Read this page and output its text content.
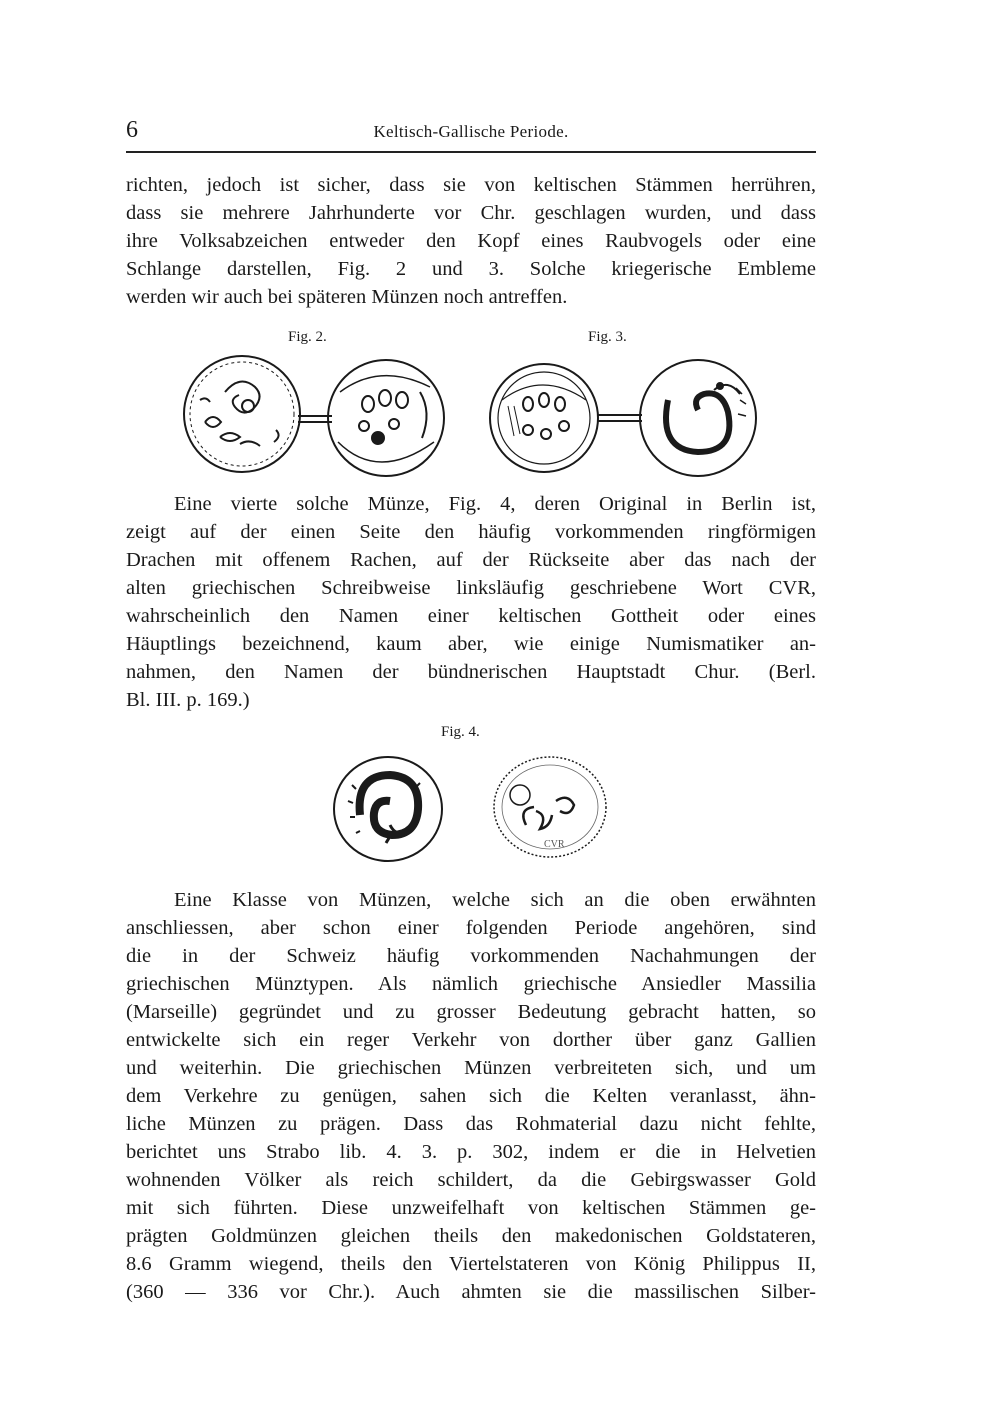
6	Keltisch-Gallische Periode.
richten, jedoch ist sicher, dass sie von keltischen Stämmen herrühren,
dass sie mehrere Jahrhunderte vor Chr. geschlagen wurden, und dass
ihre Volksabzeichen entweder den Kopf eines Raubvogels oder eine
Schlange darstellen, Fig. 2 und 3. Solche kriegerische Embleme
werden wir auch bei späteren Münzen noch antreffen.
Fig. 2.	Fig. 3.
Eine vierte solche Münze, Fig. 4, deren Original in Berlin ist,
zeigt auf der einen Seite den häufig vorkommenden ringförmigen
Drachen mit offenem Rachen, auf der Rückseite aber das nach der
alten griechischen Schreibweise linksläufig geschriebene Wort CVR,
wahrscheinlich den Namen einer keltischen Gottheit oder eines
Häuptlings bezeichnend, kaum aber, wie einige Numismatiker an-
nahmen, den Namen der bündnerischen Hauptstadt Chur. (Berl.
Bl. III. p. 169.)
Fig. 4.
CVR
Eine Klasse von Münzen, welche sich an die oben erwähnten
anschliessen, aber schon einer folgenden Periode angehören, sind
die in der Schweiz häufig vorkommenden Nachahmungen der
griechischen Münztypen. Als nämlich griechische Ansiedler Massilia
(Marseille) gegründet und zu grosser Bedeutung gebracht hatten, so
entwickelte sich ein reger Verkehr von dorther über ganz Gallien
und weiterhin. Die griechischen Münzen verbreiteten sich, und um
dem Verkehre zu genügen, sahen sich die Kelten veranlasst, ähn-
liche Münzen zu prägen. Dass das Rohmaterial dazu nicht fehlte,
berichtet uns Strabo lib. 4. 3. p. 302, indem er die in Helvetien
wohnenden Völker als reich schildert, da die Gebirgswasser Gold
mit sich führten. Diese unzweifelhaft von keltischen Stämmen ge-
prägten Goldmünzen gleichen theils den makedonischen Goldstateren,
8.6 Gramm wiegend, theils den Viertelstateren von König Philippus II,
(360 — 336 vor Chr.). Auch ahmten sie die massilischen Silber-
